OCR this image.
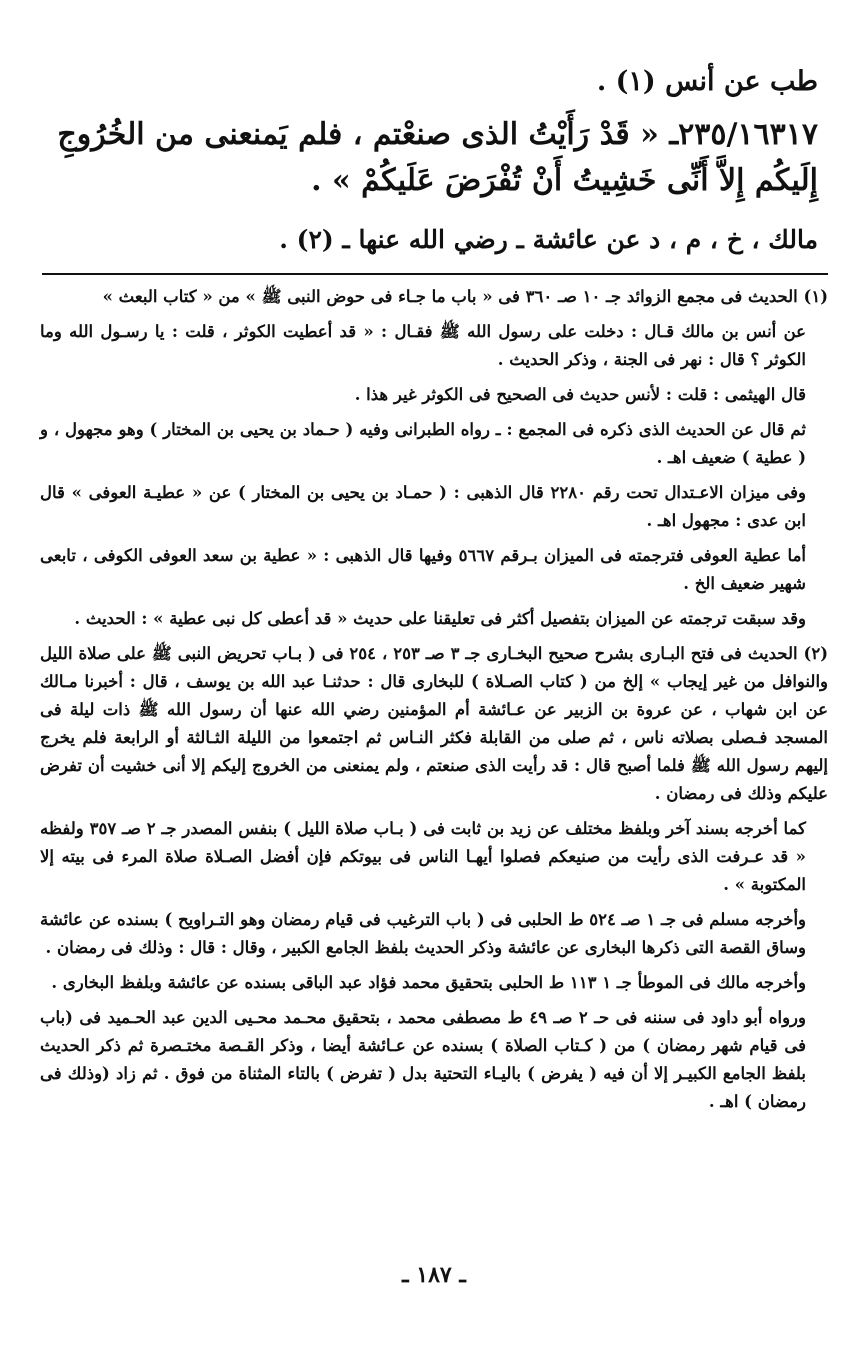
طب عن أنس (١) .
٢٣٥/١٦٣١٧ـ « قَدْ رَأَيْتُ الذى صنعْتم ، فلم يَمنعنى من الخُرُوجِ إِلَيكُم إِلاَّ أَنِّى خَشِيتُ أَنْ تُفْرَضَ عَلَيكُمْ » .
مالك ، خ ، م ، د عن عائشة ـ رضي الله عنها ـ (٢) .

(١) الحديث فى مجمع الزوائد جـ ١٠ صـ ٣٦٠ فى « باب ما جـاء فى حوض النبى ﷺ » من « كتاب البعث »

عن أنس بن مالك قـال : دخلت على رسول الله ﷺ فقـال : « قد أعطيت الكوثر ، قلت : يا رسـول الله وما الكوثر ؟ قال : نهر فى الجنة ، وذكر الحديث .

قال الهيثمى : قلت : لأنس حديث فى الصحيح فى الكوثر غير هذا .

ثم قال عن الحديث الذى ذكره فى المجمع : ـ رواه الطبرانى وفيه ( حـماد بن يحيى بن المختار ) وهو مجهول ، و ( عطية ) ضعيف اهـ .

وفى ميزان الاعـتدال تحت رقم ٢٢٨٠ قال الذهبى : ( حمـاد بن يحيى بن المختار ) عن « عطيـة العوفى » قال ابن عدى : مجهول اهـ .

أما عطية العوفى فترجمته فى الميزان بـرقم ٥٦٦٧ وفيها قال الذهبى : « عطية بن سعد العوفى الكوفى ، تابعى شهير ضعيف الخ .

وقد سبقت ترجمته عن الميزان بتفصيل أكثر فى تعليقنا على حديث « قد أعطى كل نبى عطية » : الحديث .

(٢) الحديث فى فتح البـارى بشرح صحيح البخـارى جـ ٣ صـ ٢٥٣ ، ٢٥٤ فى ( بـاب تحريض النبى ﷺ على صلاة الليل والنوافل من غير إيجاب » إلخ من ( كتاب الصـلاة ) للبخارى قال : حدثنـا عبد الله بن يوسف ، قال : أخبرنا مـالك عن ابن شهاب ، عن عروة بن الزبير عن عـائشة أم المؤمنين رضي الله عنها أن رسول الله ﷺ ذات ليلة فى المسجد فـصلى بصلاته ناس ، ثم صلى من القابلة فكثر النـاس ثم اجتمعوا من الليلة الثـالثة أو الرابعة فلم يخرج إليهم رسول الله ﷺ فلما أصبح قال : قد رأيت الذى صنعتم ، ولم يمنعنى من الخروج إليكم إلا أنى خشيت أن تفرض عليكم وذلك فى رمضان .

كما أخرجه بسند آخر وبلفظ مختلف عن زيد بن ثابت فى ( بـاب صلاة الليل ) بنفس المصدر جـ ٢ صـ ٣٥٧ ولفظه « قد عـرفت الذى رأيت من صنيعكم فصلوا أيهـا الناس فى بيوتكم فإن أفضل الصـلاة صلاة المرء فى بيته إلا المكتوبة » .

وأخرجه مسلم فى جـ ١ صـ ٥٢٤ ط الحلبى فى ( باب الترغيب فى قيام رمضان وهو التـراويح ) بسنده عن عائشة وساق القصة التى ذكرها البخارى عن عائشة وذكر الحديث بلفظ الجامع الكبير ، وقال : قال : وذلك فى رمضان .

وأخرجه مالك فى الموطأ جـ ١ ١١٣ ط الحلبى بتحقيق محمد فؤاد عبد الباقى بسنده عن عائشة وبلفظ البخارى .

ورواه أبو داود فى سننه فى حـ ٢ صـ ٤٩ ط مصطفى محمد ، بتحقيق محـمد محـيى الدين عبد الحـميد فى (باب فى قيام شهر رمضان ) من ( كـتاب الصلاة ) بسنده عن عـائشة أيضا ، وذكر القـصة مختـصرة ثم ذكر الحديث بلفظ الجامع الكبيـر إلا أن فيه ( يفرض ) باليـاء التحتية بدل ( تفرض ) بالتاء المثناة من فوق . ثم زاد (وذلك فى رمضان ) اهـ .

ـ ١٨٧ ـ
